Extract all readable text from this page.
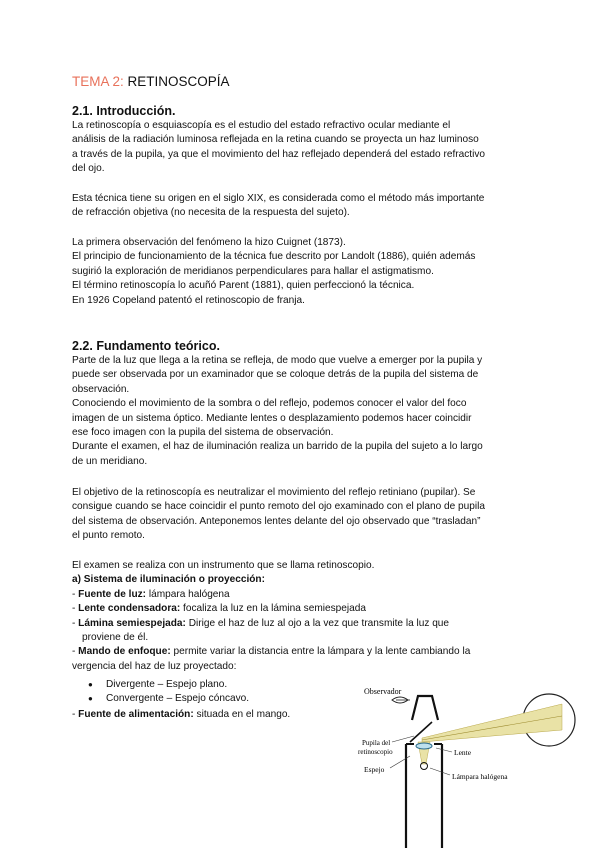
TEMA 2: RETINOSCOPÍA
2.1. Introducción.
La retinoscopía o esquiascopía es el estudio del estado refractivo ocular mediante el
análisis de la radiación luminosa reflejada en la retina cuando se proyecta un haz luminoso
a través de la pupila, ya que el movimiento del haz reflejado dependerá del estado refractivo
del ojo.
Esta técnica tiene su origen en el siglo XIX, es considerada como el método más importante
de refracción objetiva (no necesita de la respuesta del sujeto).
La primera observación del fenómeno la hizo Cuignet (1873).
El principio de funcionamiento de la técnica fue descrito por Landolt (1886), quién además
sugirió la exploración de meridianos perpendiculares para hallar el astigmatismo.
El término retinoscopía lo acuñó Parent (1881), quien perfeccionó la técnica.
En 1926 Copeland patentó el retinoscopio de franja.
2.2. Fundamento teórico.
Parte de la luz que llega a la retina se refleja, de modo que vuelve a emerger por la pupila y
puede ser observada por un examinador que se coloque detrás de la pupila del sistema de
observación.
Conociendo el movimiento de la sombra o del reflejo, podemos conocer el valor del foco
imagen de un sistema óptico. Mediante lentes o desplazamiento podemos hacer coincidir
ese foco imagen con la pupila del sistema de observación.
Durante el examen, el haz de iluminación realiza un barrido de la pupila del sujeto a lo largo
de un meridiano.
El objetivo de la retinoscopía es neutralizar el movimiento del reflejo retiniano (pupilar). Se
consigue cuando se hace coincidir el punto remoto del ojo examinado con el plano de pupila
del sistema de observación. Anteponemos lentes delante del ojo observado que “trasladan”
el punto remoto.
El examen se realiza con un instrumento que se llama retinoscopio.
a) Sistema de iluminación o proyección:
- Fuente de luz: lámpara halógena
- Lente condensadora: focaliza la luz en la lámina semiespejada
- Lámina semiespejada: Dirige el haz de luz al ojo a la vez que transmite la luz que
proviene de él.
- Mando de enfoque: permite variar la distancia entre la lámpara y la lente cambiando la
vergencia del haz de luz proyectado:
● Divergente – Espejo plano.
● Convergente – Espejo cóncavo.
- Fuente de alimentación: situada en el mango.
Observador
Pupila del
retinoscopio	Lente
Espejo
Lámpara halógena
